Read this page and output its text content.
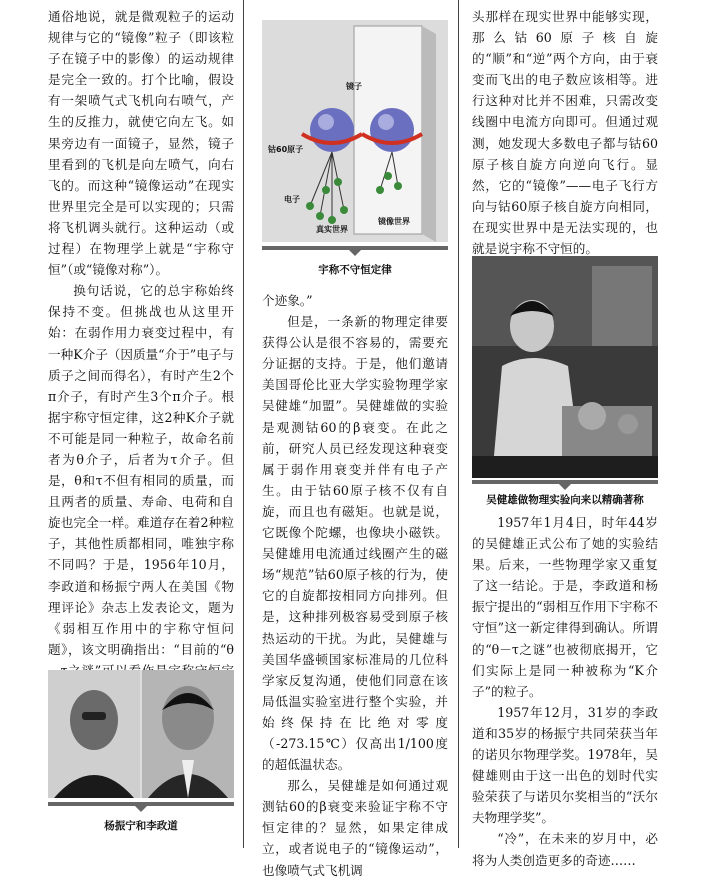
通俗地说，就是微观粒子的运动规律与它的“镜像”粒子（即该粒子在镜子中的影像）的运动规律是完全一致的。打个比喻，假设有一架喷气式飞机向右喷气，产生的反推力，就使它向左飞。如果旁边有一面镜子，显然，镜子里看到的飞机是向左喷气，向右飞的。而这种“镜像运动”在现实世界里完全是可以实现的；只需将飞机调头就行。这种运动（或过程）在物理学上就是“宇称守恒”（或“镜像对称”）。

换句话说，它的总宇称始终保持不变。但挑战也从这里开始：在弱作用力衰变过程中，有一种K介子（因质量“介于”电子与质子之间而得名），有时产生2个π介子，有时产生3个π介子。根据宇称守恒定律，这2种K介子就不可能是同一种粒子，故命名前者为θ介子，后者为τ介子。但是，θ和τ不但有相同的质量，而且两者的质量、寿命、电荷和自旋也完全一样。难道存在着2种粒子，其他性质都相同，唯独宇称不同吗？于是，1956年10月，李政道和杨振宁两人在美国《物理评论》杂志上发表论文，题为《弱相互作用中的宇称守恒问题》，该文明确指出：“目前的“θ

杨振宁和李政道
镜子
钴60原子
电子
真实世界
镜像世界
宇称不守恒定律

个迹象。”

但是，一条新的物理定律要获得公认是很不容易的，需要充分证据的支持。于是，他们邀请美国哥伦比亚大学实验物理学家吴健雄“加盟”。吴健雄做的实验是观测钴60的β衰变。在此之前，研究人员已经发现这种衰变属于弱作用衰变并伴有电子产生。由于钴60原子核不仅有自旋，而且也有磁矩。也就是说，它既像个陀螺，也像块小磁铁。吴健雄用电流通过线圈产生的磁场“规范”钴60原子核的行为，使它的自旋都按相同方向排列。但是，这种排列极容易受到原子核热运动的干扰。为此，吴健雄与美国华盛顿国家标准局的几位科学家反复沟通，使他们同意在该局低温实验室进行整个实验，并始终保持在比绝对零度（-273.15℃）仅高出1/100度的超低温状态。

那么，吴健雄是如何通过观测钴60的β衰变来验证宇称不守恒定律的？显然，如果定律成立，或者说电子的“镜像运动”，也像喷气式飞机调

头那样在现实世界中能够实现，那么钴60原子核自旋的“顺”和“逆”两个方向，由于衰变而飞出的电子数应该相等。进行这种对比并不困难，只需改变线圈中电流方向即可。但通过观测，她发现大多数电子都与钴60原子核自旋方向逆向飞行。显然，它的“镜像”——电子飞行方向与钴60原子核自旋方向相同，在现实世界中是无法实现的，也就是说宇称不守恒的。

吴健雄做物理实验向来以精确著称

1957年1月4日，时年44岁的吴健雄正式公布了她的实验结果。后来，一些物理学家又重复了这一结论。于是，李政道和杨振宁提出的“弱相互作用下宇称不守恒”这一新定律得到确认。所谓的“θ－τ之谜”也被彻底揭开，它们实际上是同一种被称为“K介子”的粒子。

1957年12月，31岁的李政道和35岁的杨振宁共同荣获当年的诺贝尔物理学奖。1978年，吴健雄则由于这一出色的划时代实验荣获了与诺贝尔奖相当的“沃尔夫物理学奖”。

“冷”，在未来的岁月中，必将为人类创造更多的奇迹……
